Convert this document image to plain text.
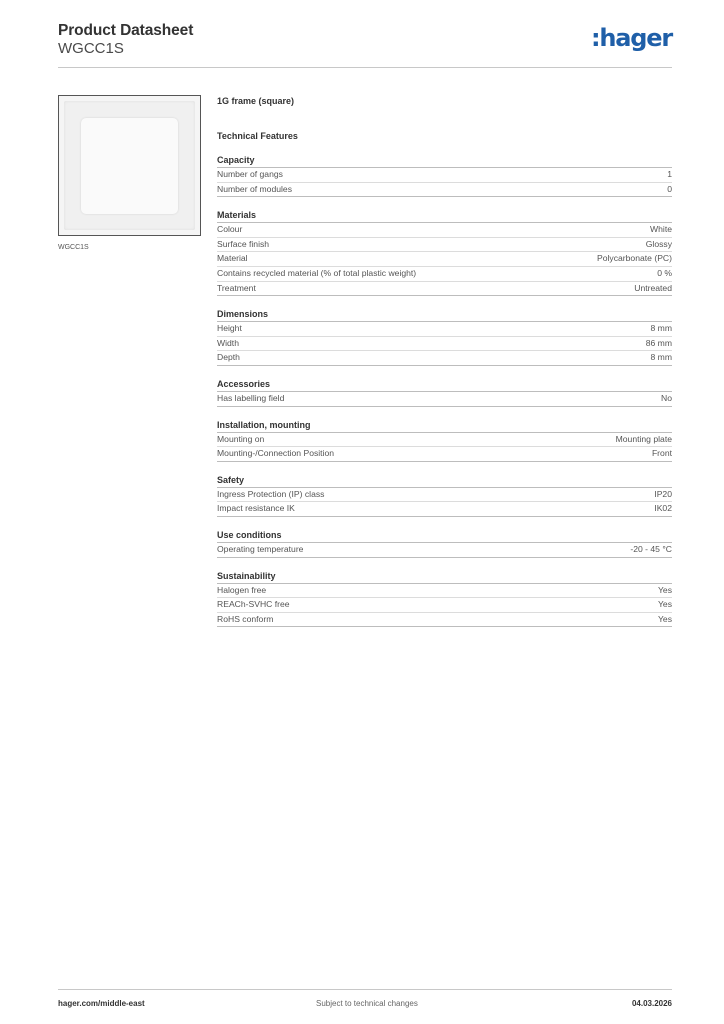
Product Datasheet
WGCC1S	:hager
WGCC1S
1G frame (square)
Technical Features
Capacity
Number of gangs	1
Number of modules	0
Materials
Colour	White
Surface finish	Glossy
Material	Polycarbonate (PC)
Contains recycled material (% of total plastic weight)	0 %
Treatment	Untreated
Dimensions
Height	8 mm
Width	86 mm
Depth	8 mm
Accessories
Has labelling field	No
Installation, mounting
Mounting on	Mounting plate
Mounting-/Connection Position	Front
Safety
Ingress Protection (IP) class	IP20
Impact resistance IK	IK02
Use conditions
Operating temperature	-20 - 45 °C
Sustainability
Halogen free	Yes
REACh-SVHC free	Yes
RoHS conform	Yes
hager.com/middle-east	Subject to technical changes	04.03.2026
